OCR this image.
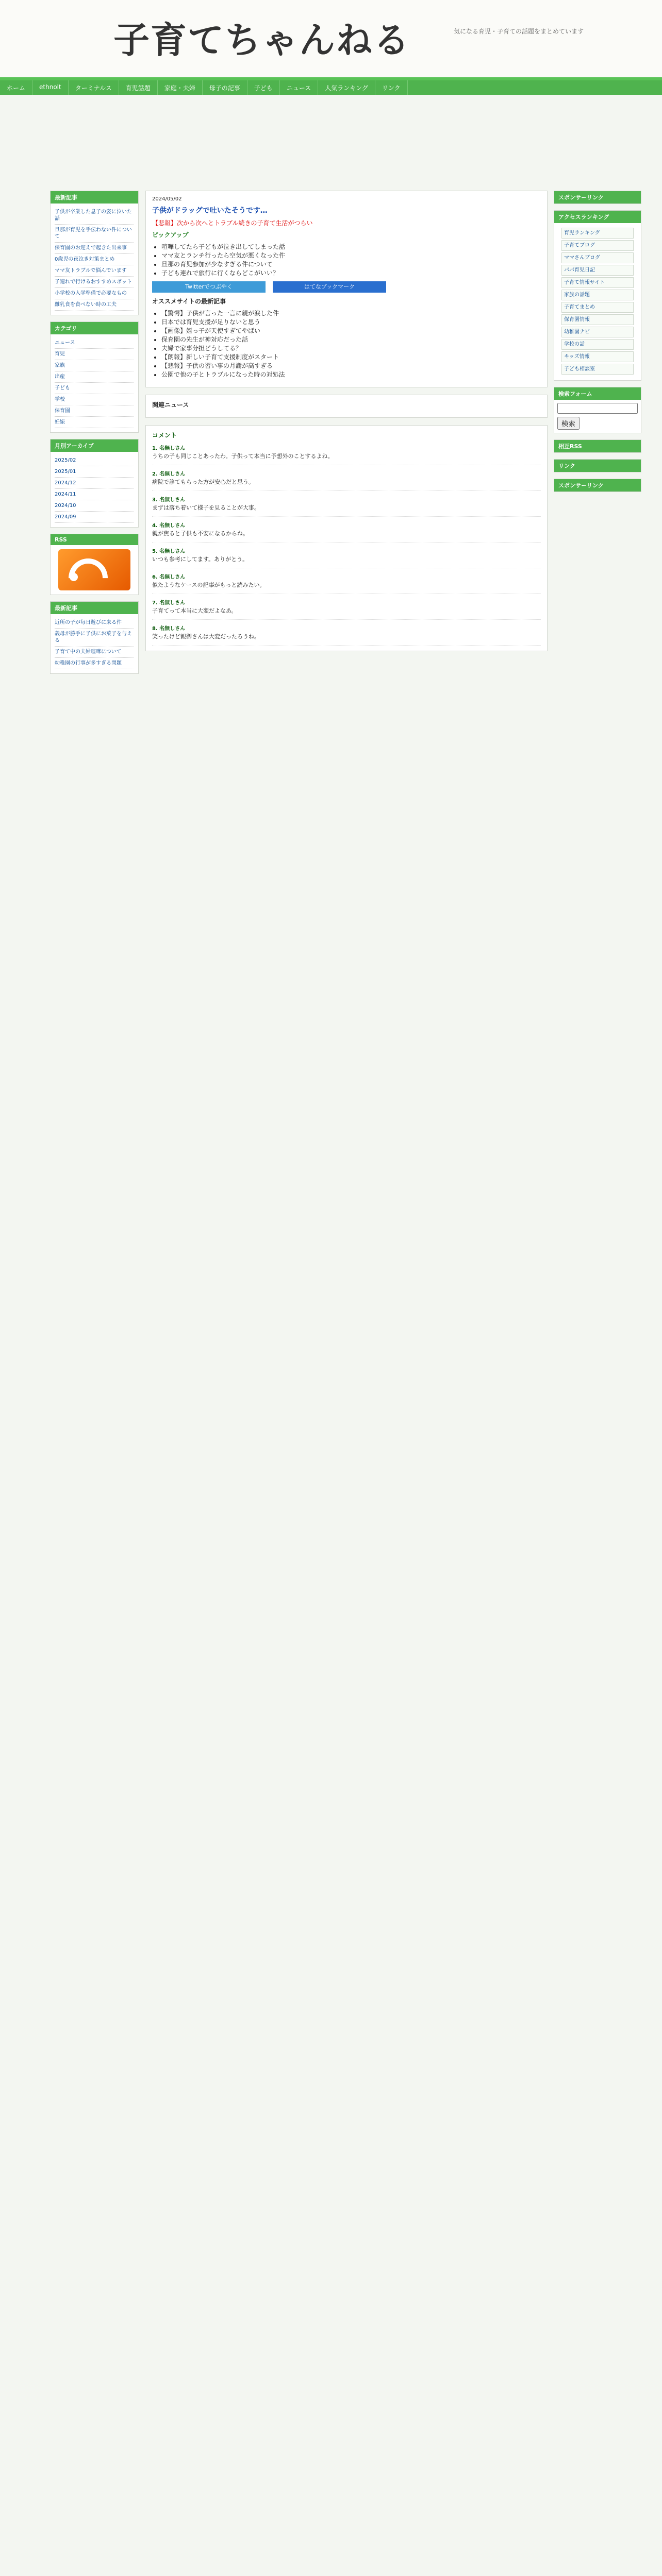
子育てちゃんねる	気になる育児・子育ての話題をまとめています
ホーム	ethnolt	ターミナルス	育児話題	家庭・夫婦	母子の記事	子ども	ニュース	人気ランキング	リンク
最新記事
子供が卒業した息子の姿に泣いた話
旦那が育児を手伝わない件について
保育園のお迎えで起きた出来事
0歳児の夜泣き対策まとめ
ママ友トラブルで悩んでいます
子連れで行けるおすすめスポット
小学校の入学準備で必要なもの
離乳食を食べない時の工夫
カテゴリ
ニュース
育児
家族
出産
子ども
学校
保育園
妊娠
月別アーカイブ
2025/02
2025/01
2024/12
2024/11
2024/10
2024/09
RSS
最新記事
近所の子が毎日遊びに来る件
義母が勝手に子供にお菓子を与える
子育て中の夫婦喧嘩について
幼稚園の行事が多すぎる問題
2024/05/02
子供がドラッグで吐いたそうです…
【悲報】次から次へとトラブル続きの子育て生活がつらい
ピックアップ
• 喧嘩してたら子どもが泣き出してしまった話
• ママ友とランチ行ったら空気が悪くなった件
• 旦那の育児参加が少なすぎる件について
• 子ども連れで旅行に行くならどこがいい？
Twitterでつぶやく	はてなブックマーク
オススメサイトの最新記事
• 【驚愕】子供が言った一言に親が涙した件
• 日本では育児支援が足りないと思う
• 【画像】姪っ子が天使すぎてやばい
• 保育園の先生が神対応だった話
• 夫婦で家事分担どうしてる？
• 【朗報】新しい子育て支援制度がスタート
• 【悲報】子供の習い事の月謝が高すぎる
• 公園で他の子とトラブルになった時の対処法
関連ニュース
コメント
1. 名無しさん
うちの子も同じことあったわ。子供って本当に予想外のことするよね。
2. 名無しさん
病院で診てもらった方が安心だと思う。
3. 名無しさん
まずは落ち着いて様子を見ることが大事。
4. 名無しさん
親が焦ると子供も不安になるからね。
5. 名無しさん
いつも参考にしてます。ありがとう。
6. 名無しさん
似たようなケースの記事がもっと読みたい。
7. 名無しさん
子育てって本当に大変だよなあ。
8. 名無しさん
笑ったけど親御さんは大変だったろうね。
スポンサーリンク
アクセスランキング
育児ランキング
子育てブログ
ママさんブログ
パパ育児日記
子育て情報サイト
家族の話題
子育てまとめ
保育園情報
幼稚園ナビ
学校の話
キッズ情報
子ども相談室
検索フォーム
検索
相互RSS
リンク
スポンサーリンク
